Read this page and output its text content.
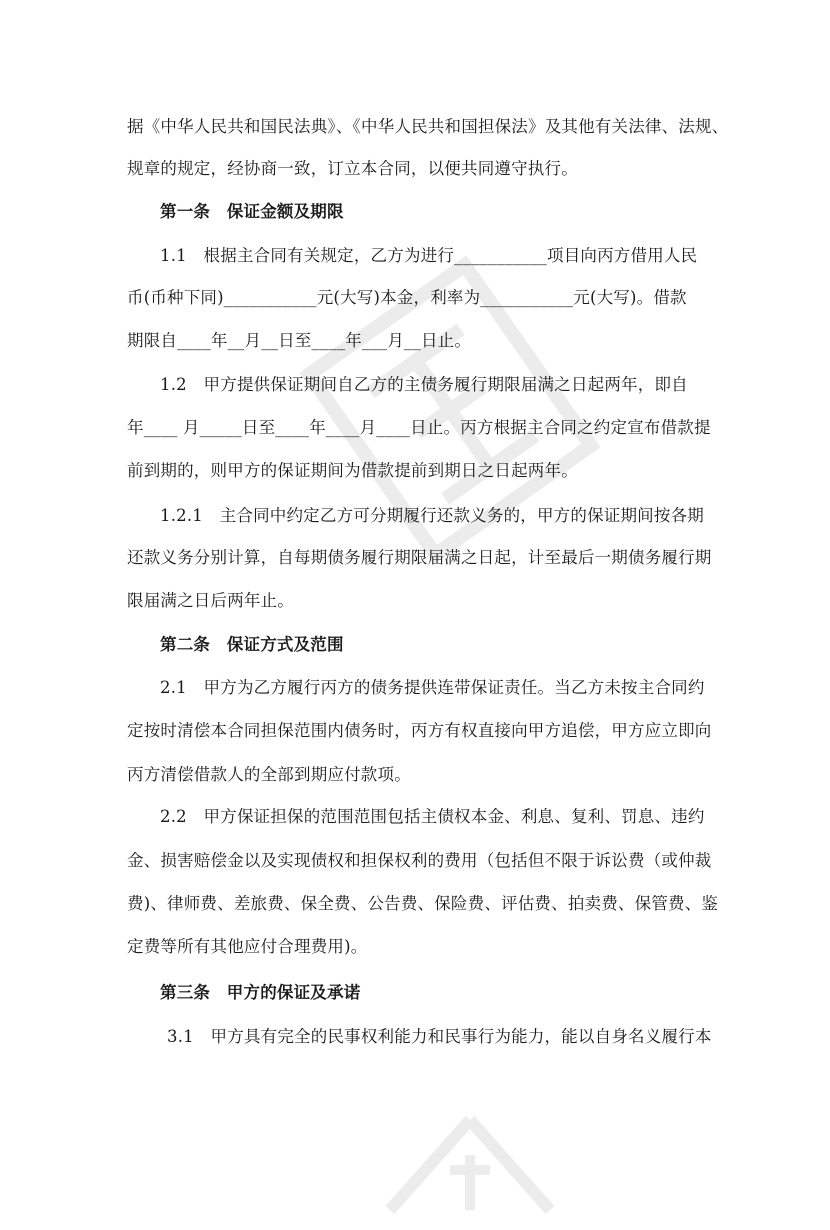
据《中华人民共和国民法典》、《中华人民共和国担保法》及其他有关法律、法规、
规章的规定，经协商一致，订立本合同，以便共同遵守执行。
第一条　保证金额及期限
1.1　根据主合同有关规定，乙方为进行___________项目向丙方借用人民
币(币种下同)___________元(大写)本金，利率为___________元(大写)。借款
期限自____年__月__日至____年___月__日止。
1.2　甲方提供保证期间自乙方的主债务履行期限届满之日起两年，即自
年____ 月_____日至____年____月____日止。丙方根据主合同之约定宣布借款提
前到期的，则甲方的保证期间为借款提前到期日之日起两年。
1.2.1　主合同中约定乙方可分期履行还款义务的，甲方的保证期间按各期
还款义务分别计算，自每期债务履行期限届满之日起，计至最后一期债务履行期
限届满之日后两年止。
第二条　保证方式及范围
2.1　甲方为乙方履行丙方的债务提供连带保证责任。当乙方未按主合同约
定按时清偿本合同担保范围内债务时，丙方有权直接向甲方追偿，甲方应立即向
丙方清偿借款人的全部到期应付款项。
2.2　甲方保证担保的范围范围包括主债权本金、利息、复利、罚息、违约
金、损害赔偿金以及实现债权和担保权利的费用（包括但不限于诉讼费（或仲裁
费)、律师费、差旅费、保全费、公告费、保险费、评估费、拍卖费、保管费、鉴
定费等所有其他应付合理费用)。
第三条　甲方的保证及承诺
3.1　甲方具有完全的民事权利能力和民事行为能力，能以自身名义履行本
